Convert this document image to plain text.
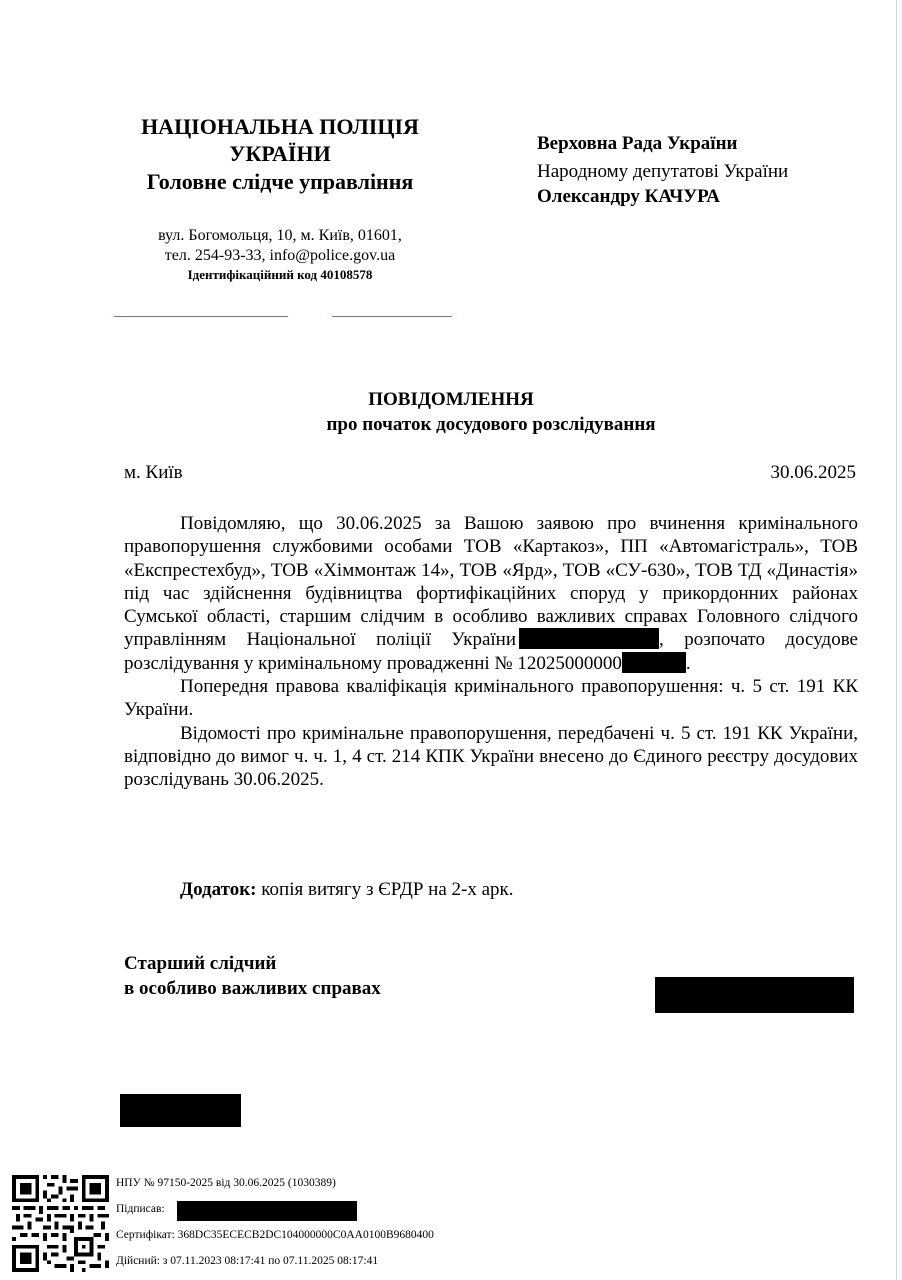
НАЦІОНАЛЬНА ПОЛІЦІЯ
УКРАЇНИ
Головне слідче управління
вул. Богомольця, 10, м. Київ, 01601,
тел. 254-93-33, info@police.gov.ua
Ідентифікаційний код 40108578
Верховна Рада України
Народному депутатові України
Олександру КАЧУРА
ПОВІДОМЛЕННЯ
про початок досудового розслідування
м. Київ	30.06.2025

Повідомляю, що 30.06.2025 за Вашою заявою про вчинення кримінального правопорушення службовими особами ТОВ «Картакоз», ПП «Автомагістраль», ТОВ «Експрестехбуд», ТОВ «Хіммонтаж 14», ТОВ «Ярд», ТОВ «СУ-630», ТОВ ТД «Династія» під час здійснення будівництва фортифікаційних споруд у прикордонних районах Сумської області, старшим слідчим в особливо важливих справах Головного слідчого управлінням Національної поліції України	, розпочато досудове розслідування у кримінальному провадженні № 12025000000	.

Попередня правова кваліфікація кримінального правопорушення: ч. 5 ст. 191 КК України.

Відомості про кримінальне правопорушення, передбачені ч. 5 ст. 191 КК України, відповідно до вимог ч. ч. 1, 4 ст. 214 КПК України внесено до Єдиного реєстру досудових розслідувань 30.06.2025.

Додаток: копія витягу з ЄРДР на 2-х арк.
Старший слідчий
в особливо важливих справах
НПУ № 97150-2025 від 30.06.2025 (1030389)
Підписав:
Сертифікат: 368DC35ECECB2DC104000000C0AA0100B9680400
Дійсний: з 07.11.2023 08:17:41 по 07.11.2025 08:17:41
